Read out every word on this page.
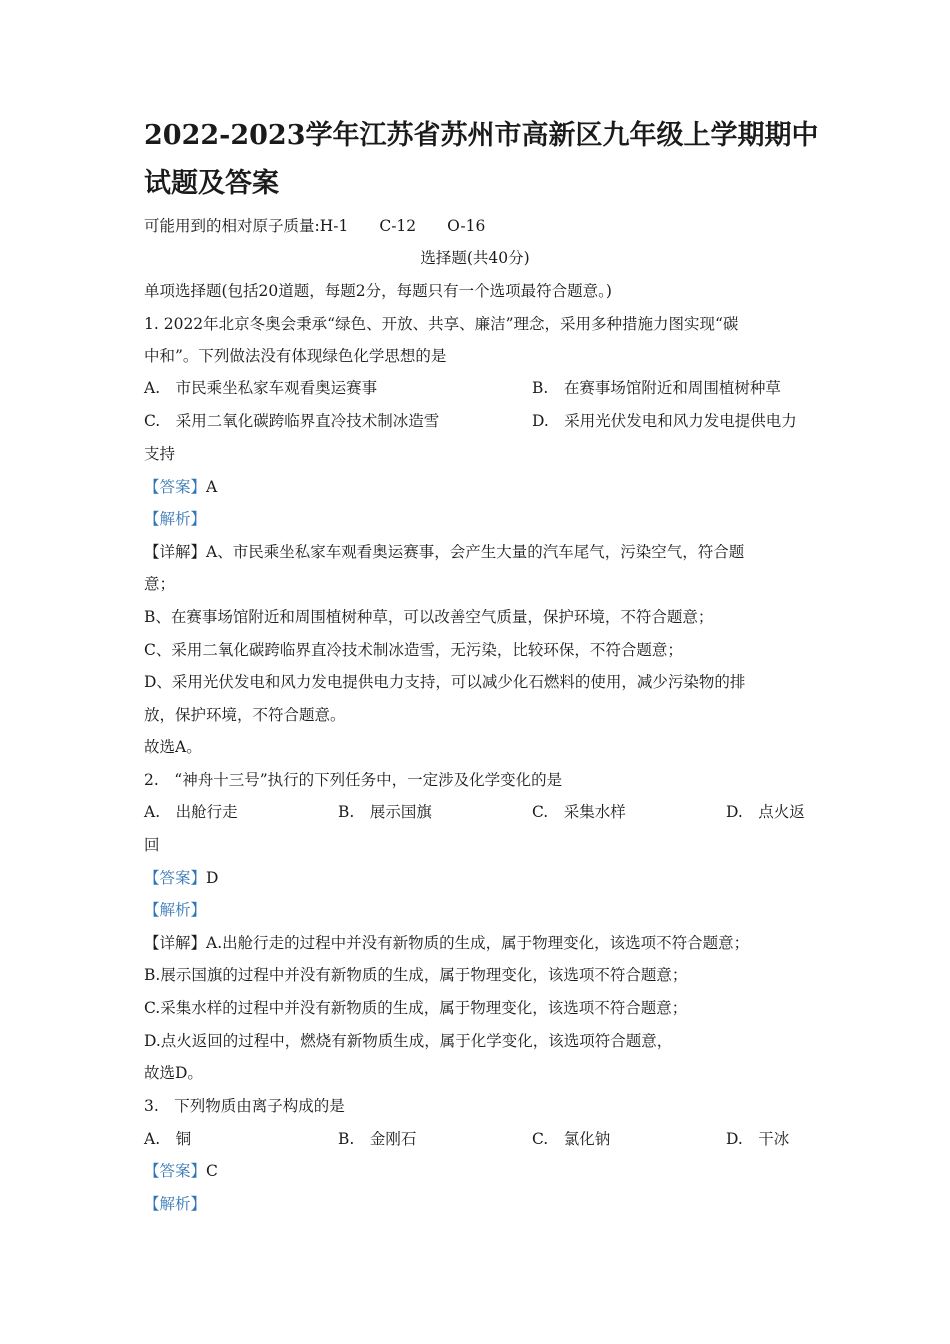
2022-2023学年江苏省苏州市高新区九年级上学期期中试题及答案
可能用到的相对原子质量:H-1　　C-12　　O-16
选择题(共40分)
单项选择题(包括20道题，每题2分，每题只有一个选项最符合题意。)
1. 2022年北京冬奥会秉承“绿色、开放、共享、廉洁”理念，采用多种措施力图实现“碳
中和”。下列做法没有体现绿色化学思想的是
A.　市民乘坐私家车观看奥运赛事	B.　在赛事场馆附近和周围植树种草
C.　采用二氧化碳跨临界直冷技术制冰造雪	D.　采用光伏发电和风力发电提供电力
支持
【答案】A
【解析】
【详解】A、市民乘坐私家车观看奥运赛事，会产生大量的汽车尾气，污染空气，符合题
意；
B、在赛事场馆附近和周围植树种草，可以改善空气质量，保护环境，不符合题意；
C、采用二氧化碳跨临界直冷技术制冰造雪，无污染，比较环保，不符合题意；
D、采用光伏发电和风力发电提供电力支持，可以减少化石燃料的使用，减少污染物的排
放，保护环境，不符合题意。
故选A。
2.　“神舟十三号”执行的下列任务中，一定涉及化学变化的是
A.　出舱行走	B.　展示国旗	C.　采集水样	D.　点火返
回
【答案】D
【解析】
【详解】A.出舱行走的过程中并没有新物质的生成，属于物理变化，该选项不符合题意；
B.展示国旗的过程中并没有新物质的生成，属于物理变化，该选项不符合题意；
C.采集水样的过程中并没有新物质的生成，属于物理变化，该选项不符合题意；
D.点火返回的过程中，燃烧有新物质生成，属于化学变化，该选项符合题意，
故选D。
3.　下列物质由离子构成的是
A.　铜	B.　金刚石	C.　氯化钠	D.　干冰
【答案】C
【解析】
